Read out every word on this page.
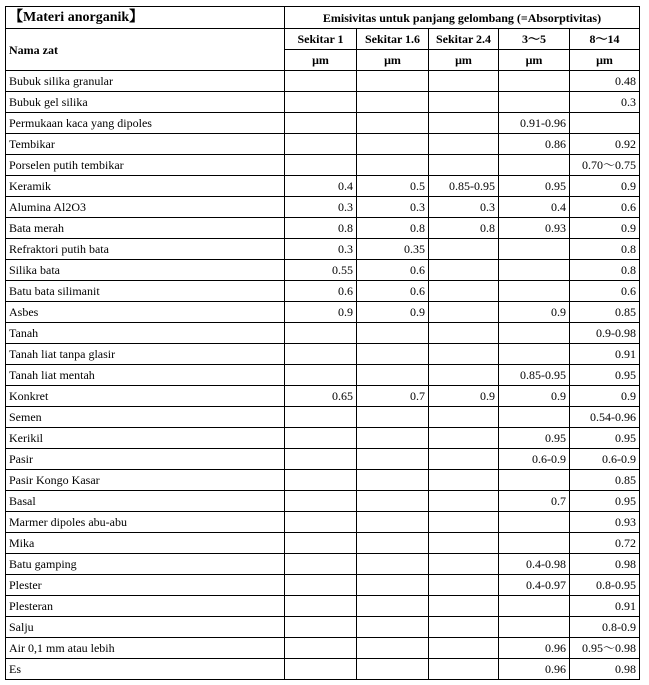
【Materi anorganik】	Emisivitas untuk panjang gelombang (=Absorptivitas)				
Nama zat	Sekitar 1	Sekitar 1.6	Sekitar 2.4	3～5	8～14
	μm	μm	μm	μm	μm
Bubuk silika granular					0.48
Bubuk gel silika					0.3
Permukaan kaca yang dipoles				0.91-0.96	
Tembikar				0.86	0.92
Porselen putih tembikar					0.70～0.75
Keramik	0.4	0.5	0.85-0.95	0.95	0.9
Alumina Al2O3	0.3	0.3	0.3	0.4	0.6
Bata merah	0.8	0.8	0.8	0.93	0.9
Refraktori putih bata	0.3	0.35			0.8
Silika bata	0.55	0.6			0.8
Batu bata silimanit	0.6	0.6			0.6
Asbes	0.9	0.9		0.9	0.85
Tanah					0.9-0.98
Tanah liat tanpa glasir					0.91
Tanah liat mentah				0.85-0.95	0.95
Konkret	0.65	0.7	0.9	0.9	0.9
Semen					0.54-0.96
Kerikil				0.95	0.95
Pasir				0.6-0.9	0.6-0.9
Pasir Kongo Kasar					0.85
Basal				0.7	0.95
Marmer dipoles abu-abu					0.93
Mika					0.72
Batu gamping				0.4-0.98	0.98
Plester				0.4-0.97	0.8-0.95
Plesteran					0.91
Salju					0.8-0.9
Air 0,1 mm atau lebih				0.96	0.95～0.98
Es				0.96	0.98
